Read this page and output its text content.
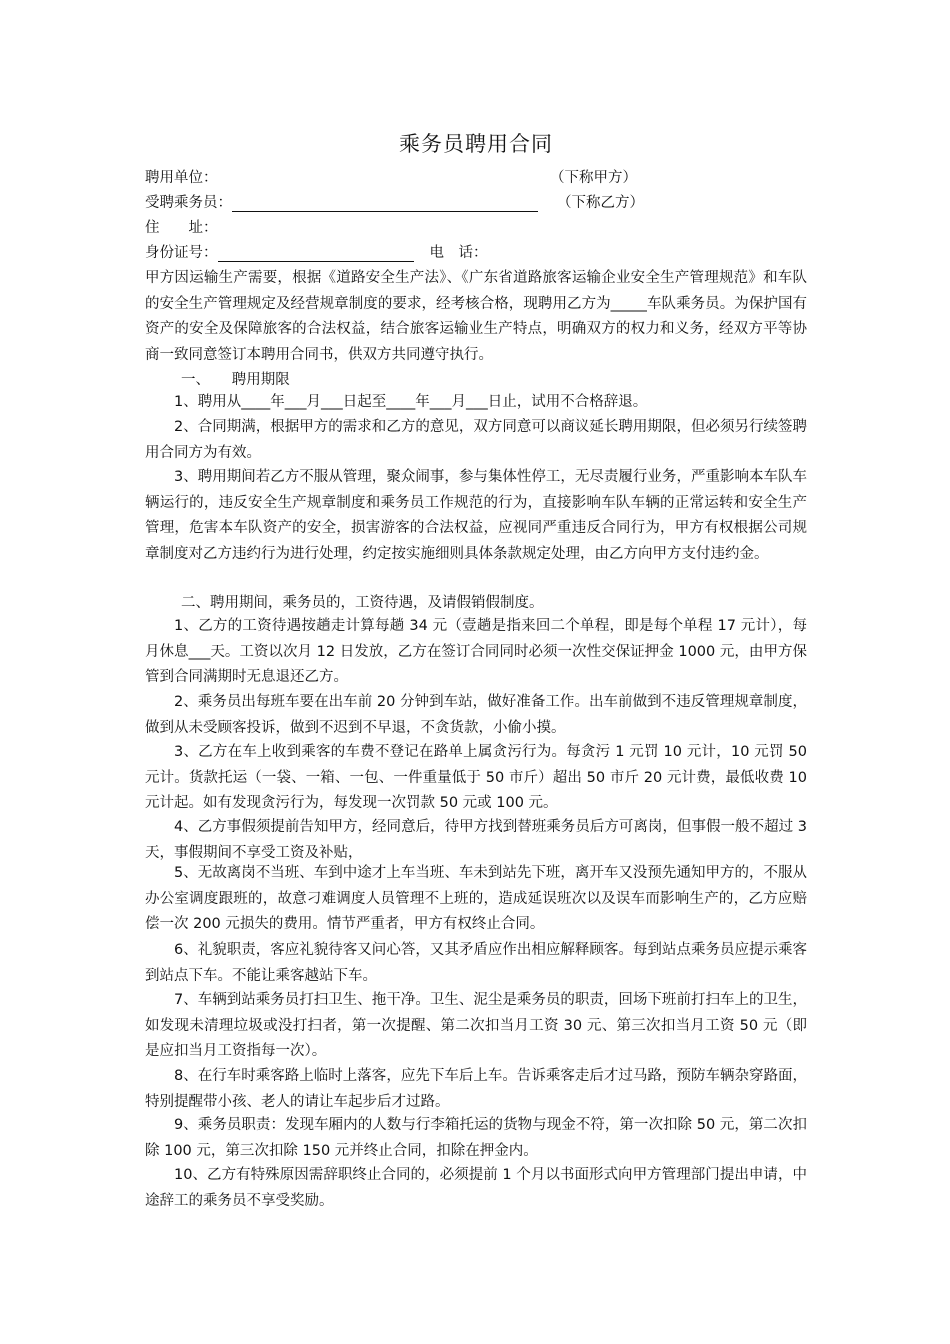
乘务员聘用合同
聘用单位：	（下称甲方）
受聘乘务员：	（下称乙方）
住　　址：
身份证号：	电　话：

甲方因运输生产需要，根据《道路安全生产法》、《广东省道路旅客运输企业安全生产管理规范》和车队的安全生产管理规定及经营规章制度的要求，经考核合格，现聘用乙方为_____车队乘务员。为保护国有资产的安全及保障旅客的合法权益，结合旅客运输业生产特点，明确双方的权力和义务，经双方平等协商一致同意签订本聘用合同书，供双方共同遵守执行。

一、　　聘用期限

1、聘用从____年___月___日起至____年___月___日止，试用不合格辞退。

2、合同期满，根据甲方的需求和乙方的意见，双方同意可以商议延长聘用期限，但必须另行续签聘用合同方为有效。

3、聘用期间若乙方不服从管理，聚众闹事，参与集体性停工，无尽责履行业务，严重影响本车队车辆运行的，违反安全生产规章制度和乘务员工作规范的行为，直接影响车队车辆的正常运转和安全生产管理，危害本车队资产的安全，损害游客的合法权益，应视同严重违反合同行为，甲方有权根据公司规章制度对乙方违约行为进行处理，约定按实施细则具体条款规定处理，由乙方向甲方支付违约金。

二、聘用期间，乘务员的，工资待遇，及请假销假制度。

1、乙方的工资待遇按趟走计算每趟 34 元（壹趟是指来回二个单程，即是每个单程 17 元计），每月休息___天。工资以次月 12 日发放，乙方在签订合同同时必须一次性交保证押金 1000 元，由甲方保管到合同满期时无息退还乙方。

2、乘务员出每班车要在出车前 20 分钟到车站，做好准备工作。出车前做到不违反管理规章制度，做到从未受顾客投诉，做到不迟到不早退，不贪货款，小偷小摸。

3、乙方在车上收到乘客的车费不登记在路单上属贪污行为。每贪污 1 元罚 10 元计，10 元罚 50 元计。货款托运（一袋、一箱、一包、一件重量低于 50 市斤）超出 50 市斤 20 元计费，最低收费 10 元计起。如有发现贪污行为，每发现一次罚款 50 元或 100 元。

4、乙方事假须提前告知甲方，经同意后，待甲方找到替班乘务员后方可离岗，但事假一般不超过 3 天，事假期间不享受工资及补贴，

5、无故离岗不当班、车到中途才上车当班、车未到站先下班，离开车又没预先通知甲方的，不服从办公室调度跟班的，故意刁难调度人员管理不上班的，造成延误班次以及误车而影响生产的，乙方应赔偿一次 200 元损失的费用。情节严重者，甲方有权终止合同。

6、礼貌职责，客应礼貌待客又问心答，又其矛盾应作出相应解释顾客。每到站点乘务员应提示乘客到站点下车。不能让乘客越站下车。

7、车辆到站乘务员打扫卫生、拖干净。卫生、泥尘是乘务员的职责，回场下班前打扫车上的卫生，如发现未清理垃圾或没打扫者，第一次提醒、第二次扣当月工资 30 元、第三次扣当月工资 50 元（即是应扣当月工资指每一次）。

8、在行车时乘客路上临时上落客，应先下车后上车。告诉乘客走后才过马路，预防车辆杂穿路面，特别提醒带小孩、老人的请让车起步后才过路。

9、乘务员职责：发现车厢内的人数与行李箱托运的货物与现金不符，第一次扣除 50 元，第二次扣除 100 元，第三次扣除 150 元并终止合同，扣除在押金内。

10、乙方有特殊原因需辞职终止合同的，必须提前 1 个月以书面形式向甲方管理部门提出申请，中途辞工的乘务员不享受奖励。
